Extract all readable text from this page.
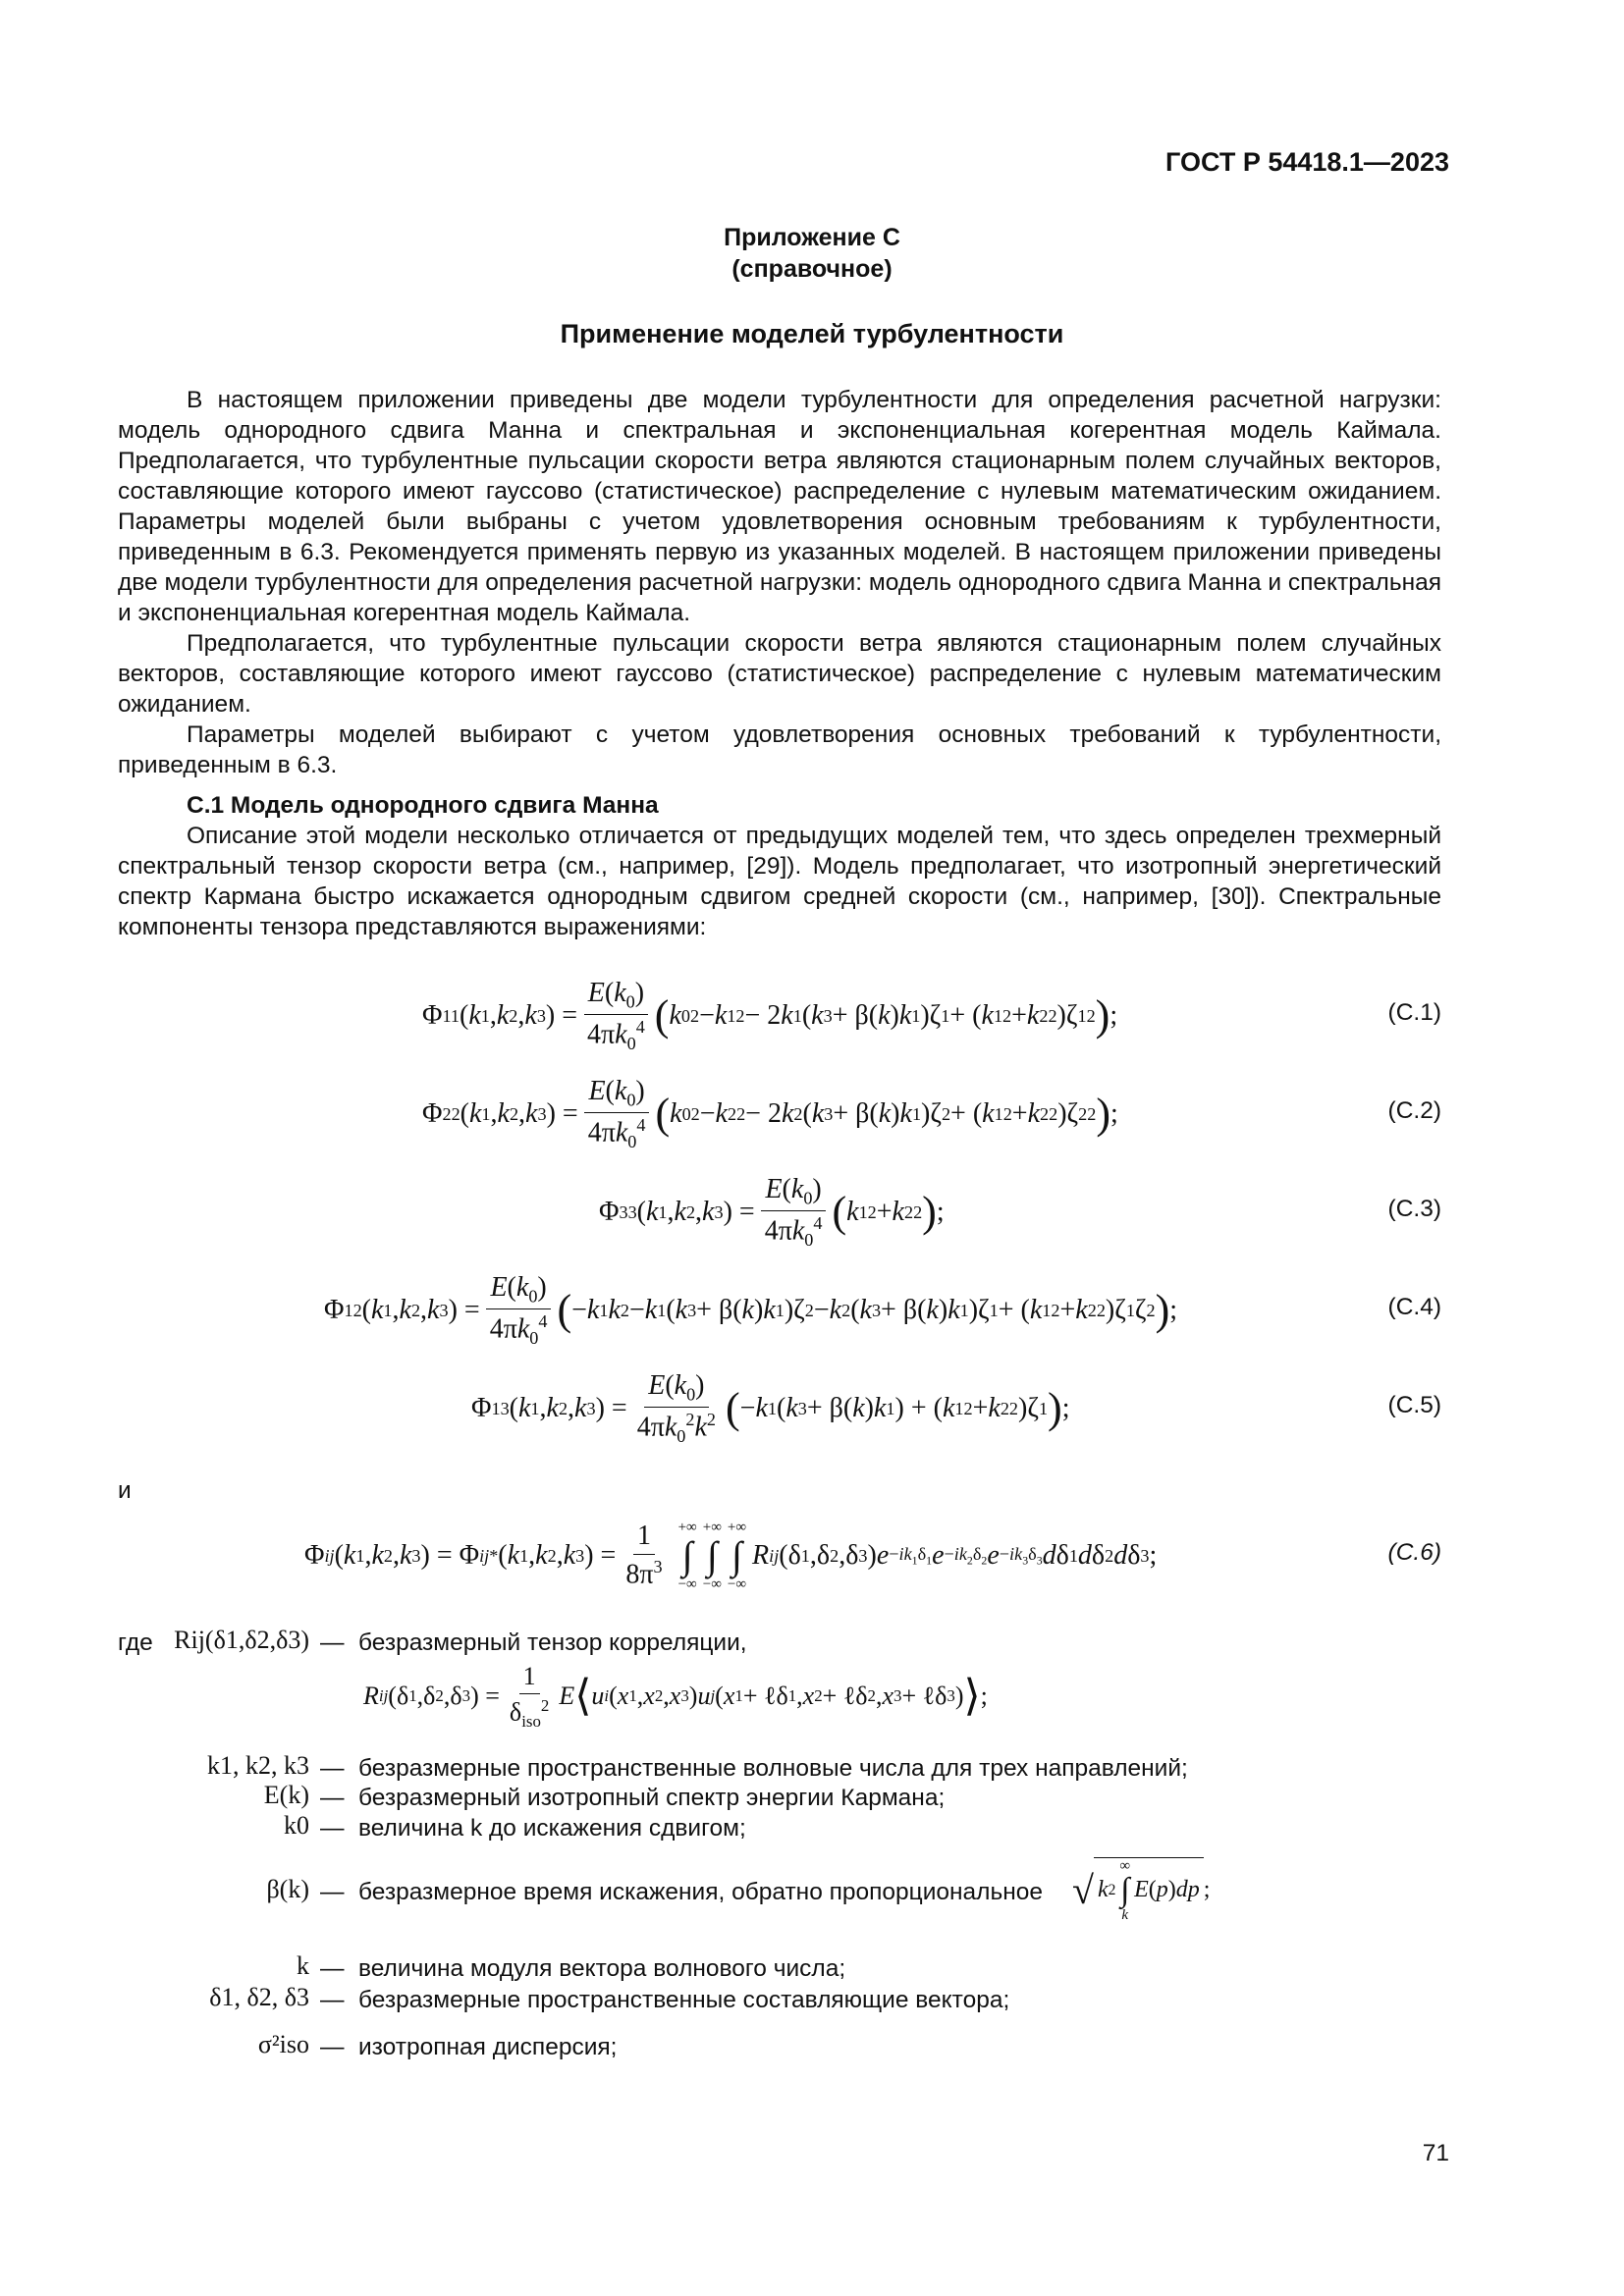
ГОСТ Р 54418.1—2023
Приложение С
(справочное)
Применение моделей турбулентности

В настоящем приложении приведены две модели турбулентности для определения расчетной нагрузки: модель однородного сдвига Манна и спектральная и экспоненциальная когерентная модель Каймала. Предполагается, что турбулентные пульсации скорости ветра являются стационарным полем случайных векторов, составляющие которого имеют гауссово (статистическое) распределение с нулевым математическим ожиданием. Параметры моделей были выбраны с учетом удовлетворения основным требованиям к турбулентности, приведенным в 6.3. Рекомендуется применять первую из указанных моделей. В настоящем приложении приведены две модели турбулентности для определения расчетной нагрузки: модель однородного сдвига Манна и спектральная и экспоненциальная когерентная модель Каймала.

Предполагается, что турбулентные пульсации скорости ветра являются стационарным полем случайных векторов, составляющие которого имеют гауссово (статистическое) распределение с нулевым математическим ожиданием.

Параметры моделей выбирают с учетом удовлетворения основных требований к турбулентности, приведенным в 6.3.

С.1 Модель однородного сдвига Манна

Описание этой модели несколько отличается от предыдущих моделей тем, что здесь определен трехмерный спектральный тензор скорости ветра (см., например, [29]). Модель предполагает, что изотропный энергетический спектр Кармана быстро искажается однородным сдвигом средней скорости (см., например, [30]). Спектральные компоненты тензора представляются выражениями:

Φ 11 ( k 1 , k 2 , k 3 ) = $\frac{E(k_0)}{4\pi k_0^4}$ ( k 0 2 − k 1 2 − 2 k 1 ( k 3 + β( k ) k 1 )ζ 1 + ( k 1 2 + k 2 2 )ζ 1 2 ) ;	(С.1)
Φ 22 ( k 1 , k 2 , k 3 ) = $\frac{E(k_0)}{4\pi k_0^4}$ ( k 0 2 − k 2 2 − 2 k 2 ( k 3 + β( k ) k 1 )ζ 2 + ( k 1 2 + k 2 2 )ζ 2 2 ) ;	(С.2)
Φ 33 ( k 1 , k 2 , k 3 ) = $\frac{E(k_0)}{4\pi k_0^4}$ ( k 1 2 + k 2 2 ) ;	(С.3)
Φ 12 ( k 1 , k 2 , k 3 ) = $\frac{E(k_0)}{4\pi k_0^4}$ ( − k 1 k 2 − k 1 ( k 3 + β( k ) k 1 )ζ 2 − k 2 ( k 3 + β( k ) k 1 )ζ 1 + ( k 1 2 + k 2 2 )ζ 1 ζ 2 ) ;	(С.4)
Φ 13 ( k 1 , k 2 , k 3 ) = $\frac{E(k_0)}{4\pi k_0^2k^2}$ ( − k 1 ( k 3 + β( k ) k 1 ) + ( k 1 2 + k 2 2 )ζ 1 ) ;	(С.5)
и
Φ ij ( k 1 , k 2 , k 3 ) = Φ ij * ( k 1 , k 2 , k 3 ) = $\frac{1}{8\pi^3}$ +∞
∫
−∞
+∞
∫
−∞
+∞
∫
−∞
R ij (δ 1 ,δ 2 ,δ 3 ) $e -ik_1\delta_1$ $e -ik_2\delta_2$ $e -ik_3\delta_3$ d δ 1 d δ 2 d δ 3 ;	(С.6)
где Rij(δ1,δ2,δ3) — безразмерный тензор корреляции,
R ij (δ 1 ,δ 2 ,δ 3 ) = $\frac{1}{\delta_{iso}^2}$ E ⟨ u i ( x 1 , x 2 , x 3 ) u j ( x 1 + ℓδ 1 , x 2 + ℓδ 2 , x 3 + ℓδ 3 ) ⟩ ;
k1, k2, k3 — безразмерные пространственные волновые числа для трех направлений;
E(k) — безразмерный изотропный спектр энергии Кармана;
k0 — величина k до искажения сдвигом;
β(k) — безразмерное время искажения, обратно пропорциональное √ k 2
∞
∫
k
E ( p ) dp ;
k — величина модуля вектора волнового числа;
δ1, δ2, δ3 — безразмерные пространственные составляющие вектора;
σ²iso — изотропная дисперсия;
71
